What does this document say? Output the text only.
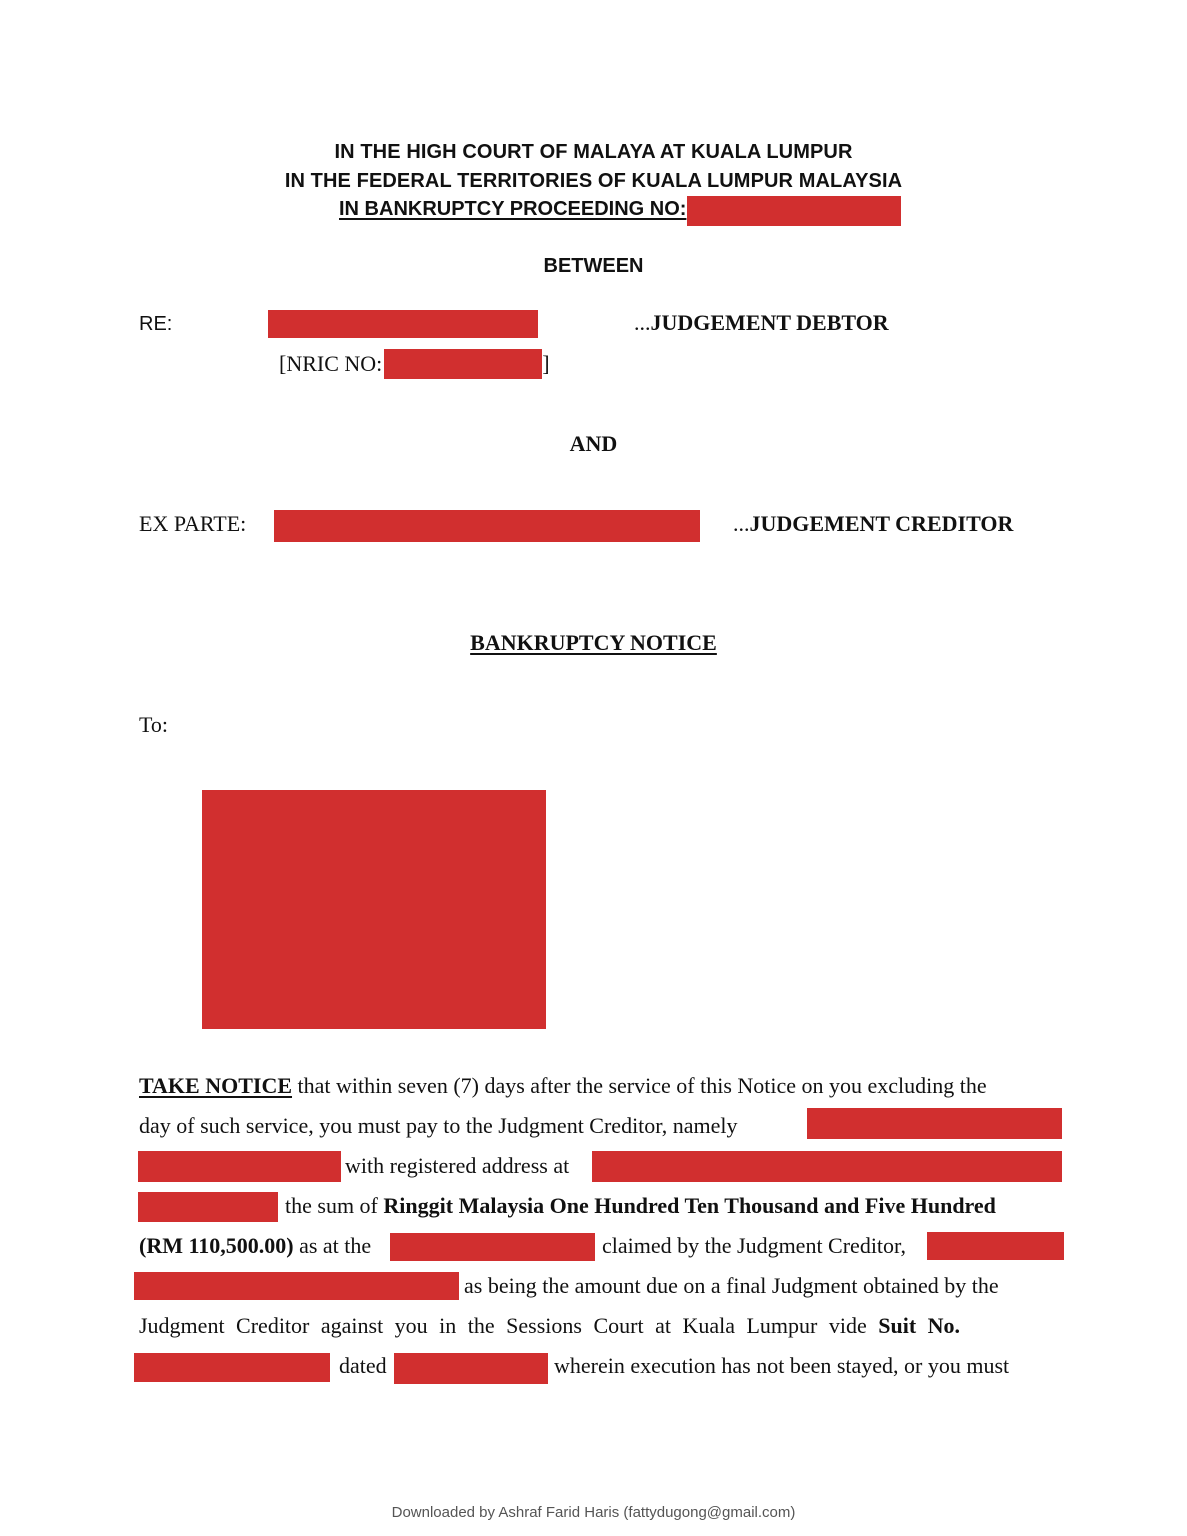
IN THE HIGH COURT OF MALAYA AT KUALA LUMPUR
IN THE FEDERAL TERRITORIES OF KUALA LUMPUR MALAYSIA
IN BANKRUPTCY PROCEEDING NO:
BETWEEN
RE:	...JUDGEMENT DEBTOR
[NRIC NO:	]
AND
EX PARTE:	...JUDGEMENT CREDITOR
BANKRUPTCY NOTICE
To:
TAKE NOTICE that within seven (7) days after the service of this Notice on you excluding the
day of such service, you must pay to the Judgment Creditor, namely
with registered address at
the sum of Ringgit Malaysia One Hundred Ten Thousand and Five Hundred
(RM 110,500.00) as at the	claimed by the Judgment Creditor,
as being the amount due on a final Judgment obtained by the
Judgment Creditor against you in the Sessions Court at Kuala Lumpur vide Suit No.
dated	wherein execution has not been stayed, or you must
Downloaded by Ashraf Farid Haris (fattydugong@gmail.com)
